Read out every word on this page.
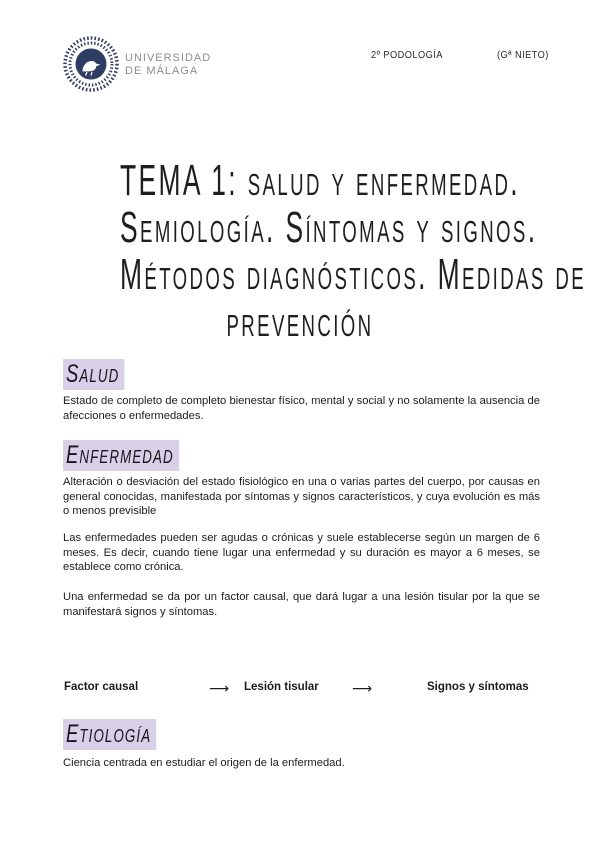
UNIVERSIDAD
DE MÁLAGA
2º PODOLOGÍA	(Gª NIETO)
TEMA 1: salud y enfermedad.
Semiología. Síntomas y signos.
Métodos diagnósticos. Medidas de
prevención
Salud
Estado de completo de completo bienestar físico, mental y social y no solamente la ausencia de afecciones o enfermedades.
Enfermedad
Alteración o desviación del estado fisiológico en una o varias partes del cuerpo, por causas en general conocidas, manifestada por síntomas y signos característicos, y cuya evolución es más o menos previsible
Las enfermedades pueden ser agudas o crónicas y suele establecerse según un margen de 6 meses. Es decir, cuando tiene lugar una enfermedad y su duración es mayor a 6 meses, se establece como crónica.
Una enfermedad se da por un factor causal, que dará lugar a una lesión tisular por la que se manifestará signos y síntomas.
Factor causal	⟶ Lesión tisular ⟶	Signos y síntomas
Etiología
Ciencia centrada en estudiar el origen de la enfermedad.
